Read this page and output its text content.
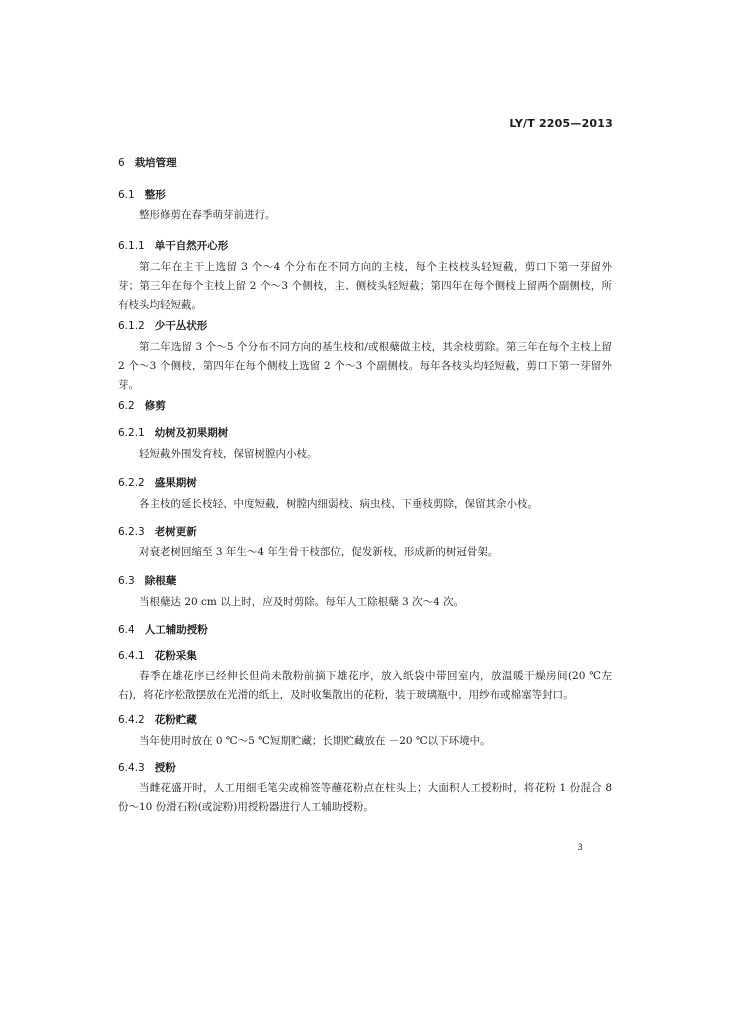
LY/T 2205—2013
6 栽培管理
6.1 整形
整形修剪在春季萌芽前进行。
6.1.1 单干自然开心形
第二年在主干上选留 3 个～4 个分布在不同方向的主枝，每个主枝枝头轻短截，剪口下第一芽留外芽；第三年在每个主枝上留 2 个～3 个侧枝，主、侧枝头轻短截；第四年在每个侧枝上留两个副侧枝，所有枝头均轻短截。
6.1.2 少干丛状形
第二年选留 3 个～5 个分布不同方向的基生枝和/或根蘖做主枝，其余枝剪除。第三年在每个主枝上留 2 个～3 个侧枝，第四年在每个侧枝上选留 2 个～3 个副侧枝。每年各枝头均轻短截，剪口下第一芽留外芽。
6.2 修剪
6.2.1 幼树及初果期树
轻短截外围发育枝，保留树膛内小枝。
6.2.2 盛果期树
各主枝的延长枝轻、中度短截，树膛内细弱枝、病虫枝、下垂枝剪除，保留其余小枝。
6.2.3 老树更新
对衰老树回缩至 3 年生～4 年生骨干枝部位，促发新枝，形成新的树冠骨架。
6.3 除根蘖
当根蘖达 20 cm 以上时，应及时剪除。每年人工除根蘖 3 次～4 次。
6.4 人工辅助授粉
6.4.1 花粉采集
春季在雄花序已经伸长但尚未散粉前摘下雄花序，放入纸袋中带回室内，放温暖干燥房间(20 ℃左右)，将花序松散摆放在光滑的纸上，及时收集散出的花粉，装于玻璃瓶中，用纱布或棉塞等封口。
6.4.2 花粉贮藏
当年使用时放在 0 ℃～5 ℃短期贮藏；长期贮藏放在 －20 ℃以下环境中。
6.4.3 授粉
当雌花盛开时，人工用细毛笔尖或棉签等蘸花粉点在柱头上；大面积人工授粉时，将花粉 1 份混合 8 份～10 份滑石粉(或淀粉)用授粉器进行人工辅助授粉。
3
